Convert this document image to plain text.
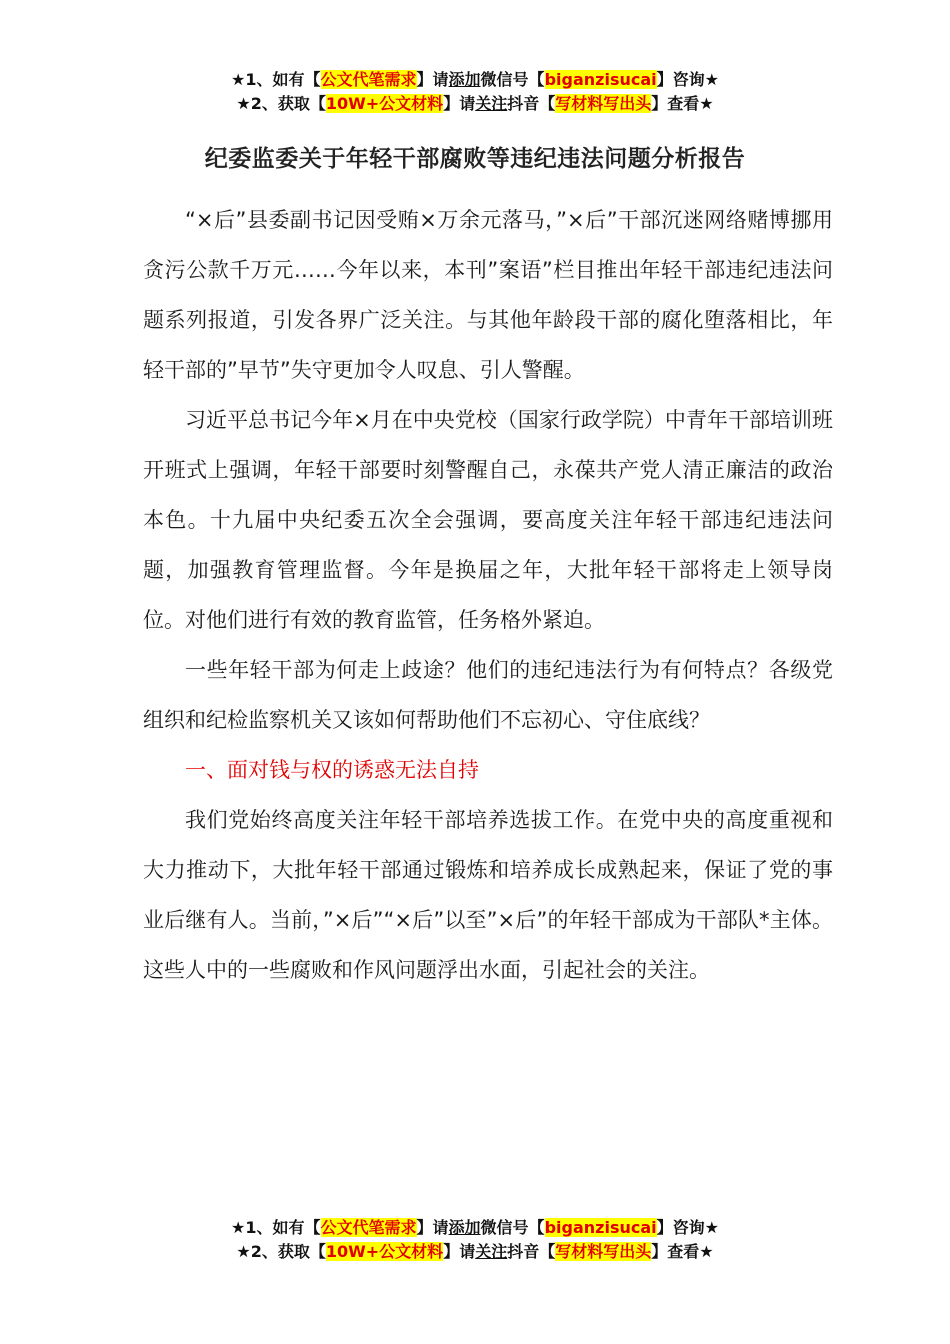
★1、如有【公文代笔需求】请添加微信号【biganzisucai】咨询★
★2、获取【10W+公文材料】请关注抖音【写材料写出头】查看★
纪委监委关于年轻干部腐败等违纪违法问题分析报告

“×后”县委副书记因受贿×万余元落马，”×后”干部沉迷网络赌博挪用贪污公款千万元……今年以来，本刊”案语”栏目推出年轻干部违纪违法问题系列报道，引发各界广泛关注。与其他年龄段干部的腐化堕落相比，年轻干部的”早节”失守更加令人叹息、引人警醒。

习近平总书记今年×月在中央党校（国家行政学院）中青年干部培训班开班式上强调，年轻干部要时刻警醒自己，永葆共产党人清正廉洁的政治本色。十九届中央纪委五次全会强调，要高度关注年轻干部违纪违法问题，加强教育管理监督。今年是换届之年，大批年轻干部将走上领导岗位。对他们进行有效的教育监管，任务格外紧迫。

一些年轻干部为何走上歧途？他们的违纪违法行为有何特点？各级党组织和纪检监察机关又该如何帮助他们不忘初心、守住底线？

一、面对钱与权的诱惑无法自持

我们党始终高度关注年轻干部培养选拔工作。在党中央的高度重视和大力推动下，大批年轻干部通过锻炼和培养成长成熟起来，保证了党的事业后继有人。当前，”×后”“×后”以至”×后”的年轻干部成为干部队*主体。这些人中的一些腐败和作风问题浮出水面，引起社会的关注。

★1、如有【公文代笔需求】请添加微信号【biganzisucai】咨询★
★2、获取【10W+公文材料】请关注抖音【写材料写出头】查看★
